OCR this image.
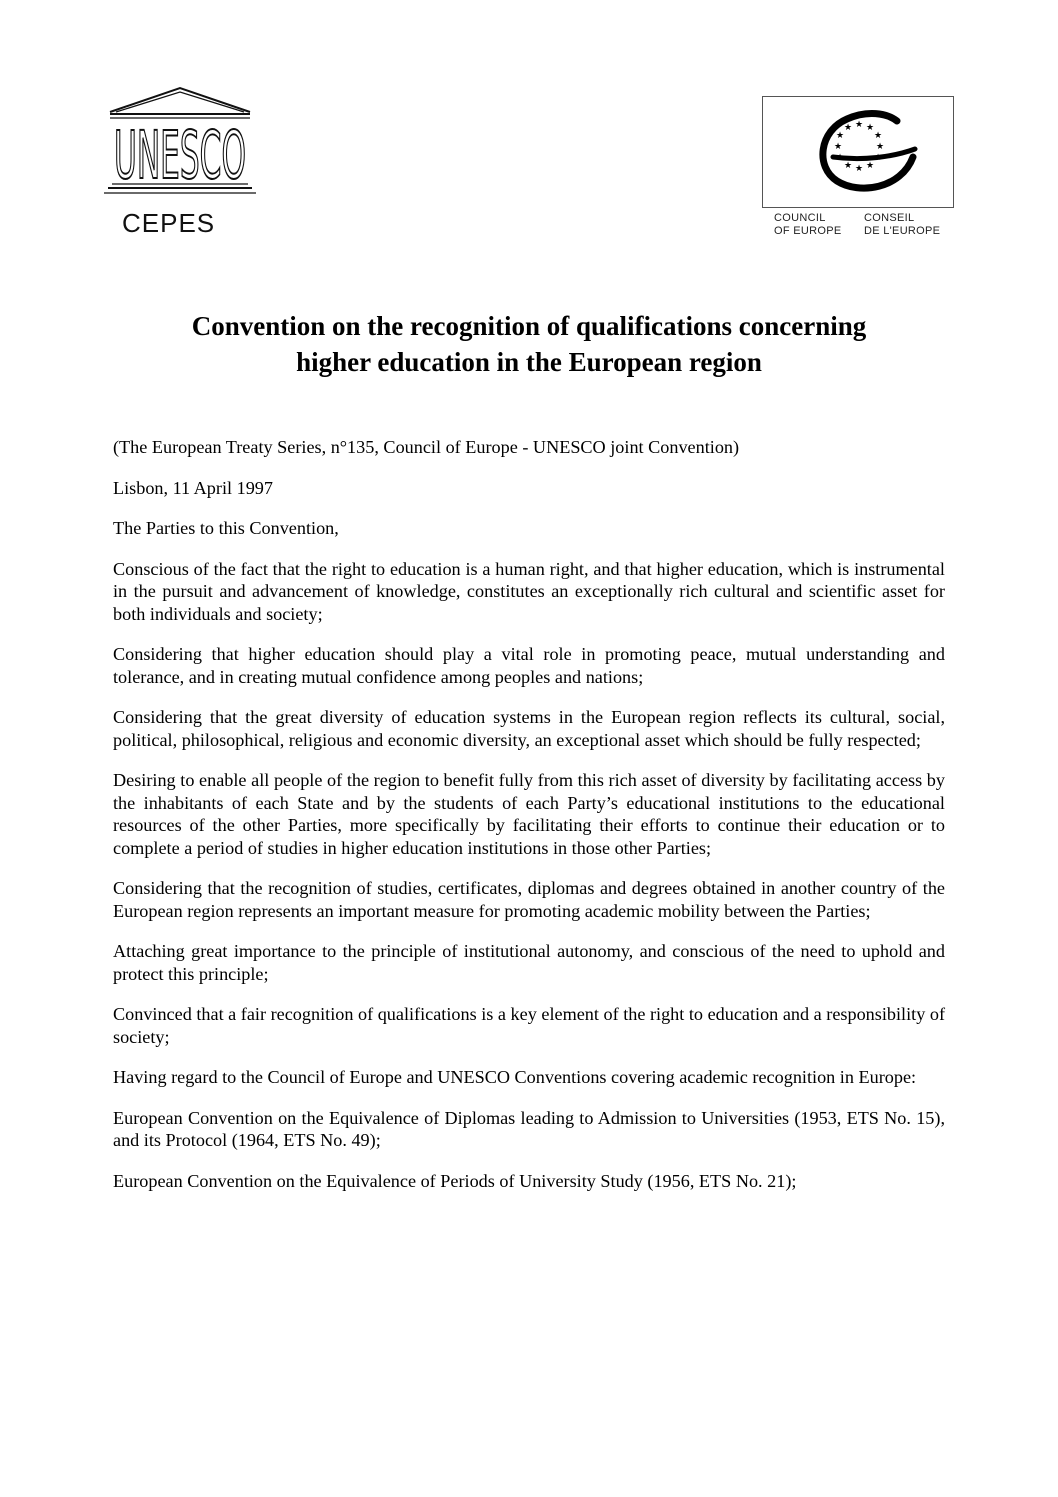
UNESCO
CEPES
★ ★
★
★
★
★
★
★
★
★
★
★
COUNCIL
OF EUROPE
CONSEIL
DE L'EUROPE
Convention on the recognition of qualifications concerning
higher education in the European region

(The European Treaty Series, n°135, Council of Europe - UNESCO joint Convention)

Lisbon, 11 April 1997

The Parties to this Convention,

Conscious of the fact that the right to education is a human right, and that higher education, which is instrumental in the pursuit and advancement of knowledge, constitutes an exceptionally rich cultural and scientific asset for both individuals and society;

Considering that higher education should play a vital role in promoting peace, mutual understanding and tolerance, and in creating mutual confidence among peoples and nations;

Considering that the great diversity of education systems in the European region reflects its cultural, social, political, philosophical, religious and economic diversity, an exceptional asset which should be fully respected;

Desiring to enable all people of the region to benefit fully from this rich asset of diversity by facilitating access by the inhabitants of each State and by the students of each Party’s educational institutions to the educational resources of the other Parties, more specifically by facilitating their efforts to continue their education or to complete a period of studies in higher education institutions in those other Parties;

Considering that the recognition of studies, certificates, diplomas and degrees obtained in another country of the European region represents an important measure for promoting academic mobility between the Parties;

Attaching great importance to the principle of institutional autonomy, and conscious of the need to uphold and protect this principle;

Convinced that a fair recognition of qualifications is a key element of the right to education and a responsibility of society;

Having regard to the Council of Europe and UNESCO Conventions covering academic recognition in Europe:

European Convention on the Equivalence of Diplomas leading to Admission to Universities (1953, ETS No. 15), and its Protocol (1964, ETS No. 49);

European Convention on the Equivalence of Periods of University Study (1956, ETS No. 21);
